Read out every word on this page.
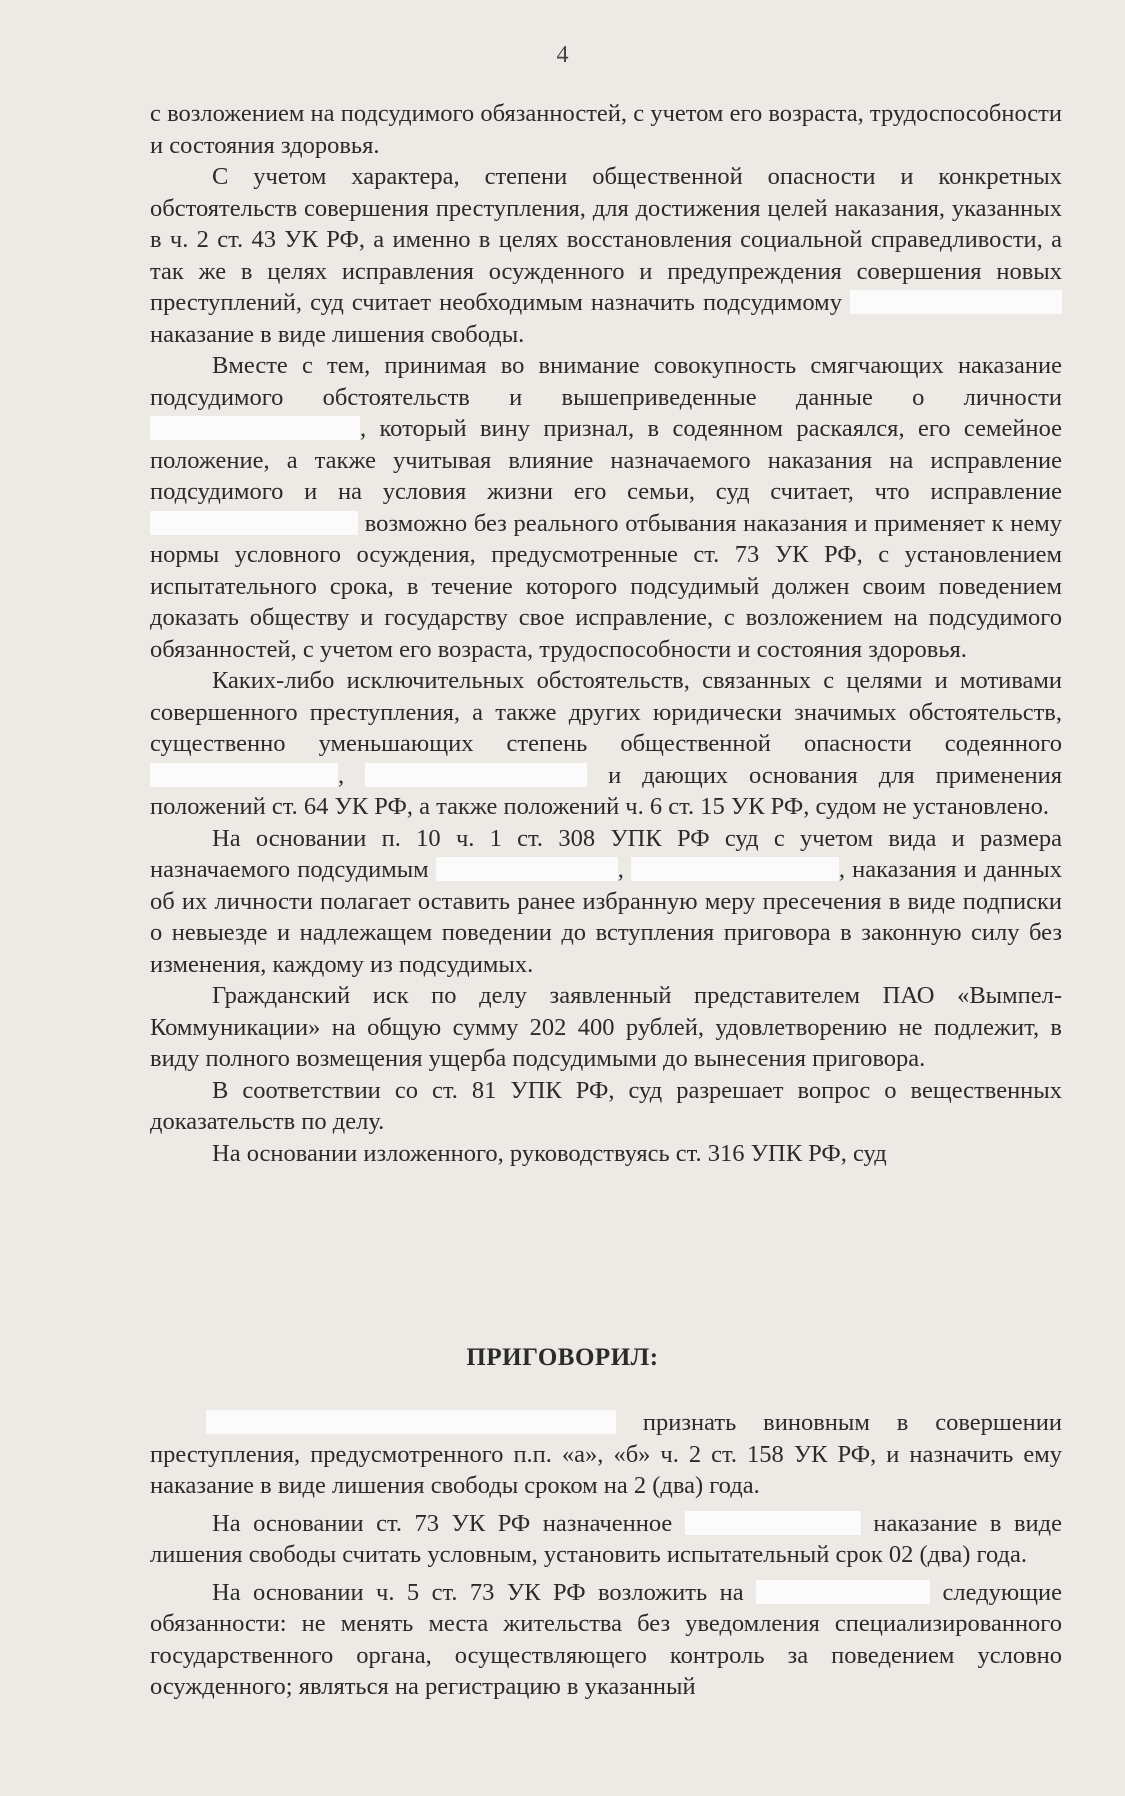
4

с возложением на подсудимого обязанностей, с учетом его возраста, трудоспособности и состояния здоровья.

С учетом характера, степени общественной опасности и конкретных обстоятельств совершения преступления, для достижения целей наказания, указанных в ч. 2 ст. 43 УК РФ, а именно в целях восстановления социальной справедливости, а так же в целях исправления осужденного и предупреждения совершения новых преступлений, суд считает необходимым назначить подсудимому  наказание в виде лишения свободы.

Вместе с тем, принимая во внимание совокупность смягчающих наказание подсудимого обстоятельств и вышеприведенные данные о личности , который вину признал, в содеянном раскаялся, его семейное положение, а также учитывая влияние назначаемого наказания на исправление подсудимого и на условия жизни его семьи, суд считает, что исправление  возможно без реального отбывания наказания и применяет к нему нормы условного осуждения, предусмотренные ст. 73 УК РФ, с установлением испытательного срока, в течение которого подсудимый должен своим поведением доказать обществу и государству свое исправление, с возложением на подсудимого обязанностей, с учетом его возраста, трудоспособности и состояния здоровья.

Каких-либо исключительных обстоятельств, связанных с целями и мотивами совершенного преступления, а также других юридически значимых обстоятельств, существенно уменьшающих степень общественной опасности содеянного ,	и дающих основания для применения положений ст. 64 УК РФ, а также положений ч. 6 ст. 15 УК РФ, судом не установлено.

На основании п. 10 ч. 1 ст. 308 УПК РФ суд с учетом вида и размера назначаемого подсудимым	,	, наказания и данных об их личности полагает оставить ранее избранную меру пресечения в виде подписки о невыезде и надлежащем поведении до вступления приговора в законную силу без изменения, каждому из подсудимых.

Гражданский иск по делу заявленный представителем ПАО «Вымпел-Коммуникации» на общую сумму 202 400 рублей, удовлетворению не подлежит, в виду полного возмещения ущерба подсудимыми до вынесения приговора.

В соответствии со ст. 81 УПК РФ, суд разрешает вопрос о вещественных доказательств по делу.

На основании изложенного, руководствуясь ст. 316 УПК РФ, суд

ПРИГОВОРИЛ:

признать виновным в совершении преступления, предусмотренного п.п. «а», «б» ч. 2 ст. 158 УК РФ, и назначить ему наказание в виде лишения свободы сроком на 2 (два) года.

На основании ст. 73 УК РФ назначенное	наказание в виде лишения свободы считать условным, установить испытательный срок 02 (два) года.

На основании ч. 5 ст. 73 УК РФ возложить на	следующие обязанности: не менять места жительства без уведомления специализированного государственного органа, осуществляющего контроль за поведением условно осужденного; являться на регистрацию в указанный
